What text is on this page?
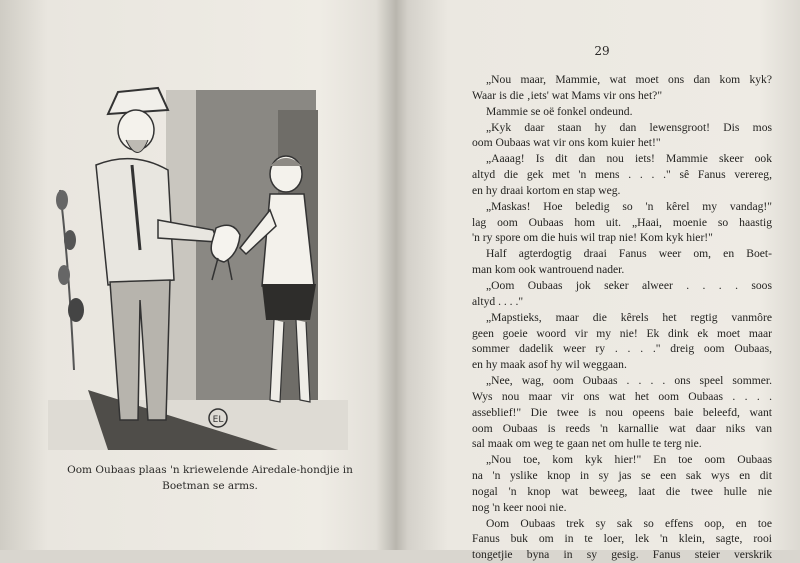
EL
Oom Oubaas plaas 'n kriewelende Airedale-hondjie in
Boetman se arms.
29
„Nou maar, Mammie, wat moet ons dan kom kyk?
Waar is die ‚iets' wat Mams vir ons het?"
Mammie se oë fonkel ondeund.
„Kyk daar staan hy dan lewensgroot! Dis mos
oom Oubaas wat vir ons kom kuier het!"
„Aaaag! Is dit dan nou iets! Mammie skeer ook
altyd die gek met 'n mens . . . ." sê Fanus verereg,
en hy draai kortom en stap weg.
„Maskas! Hoe beledig so 'n kêrel my vandag!"
lag oom Oubaas hom uit. „Haai, moenie so haastig
'n ry spore om die huis wil trap nie! Kom kyk hier!"
Half agterdogtig draai Fanus weer om, en Boet-
man kom ook wantrouend nader.
„Oom Oubaas jok seker alweer . . . . soos
altyd . . . ."
„Mapstieks, maar die kêrels het regtig vanmôre
geen goeie woord vir my nie! Ek dink ek moet maar
sommer dadelik weer ry . . . ." dreig oom Oubaas,
en hy maak asof hy wil weggaan.
„Nee, wag, oom Oubaas . . . . ons speel sommer.
Wys nou maar vir ons wat het oom Oubaas . . . .
asseblief!" Die twee is nou opeens baie beleefd, want
oom Oubaas is reeds 'n karnallie wat daar niks van
sal maak om weg te gaan net om hulle te terg nie.
„Nou toe, kom kyk hier!" En toe oom Oubaas
na 'n yslike knop in sy jas se een sak wys en dit
nogal 'n knop wat beweeg, laat die twee hulle nie
nog 'n keer nooi nie.
Oom Oubaas trek sy sak so effens oop, en toe
Fanus buk om in te loer, lek 'n klein, sagte, rooi
tongetjie byna in sy gesig. Fanus steier verskrik
